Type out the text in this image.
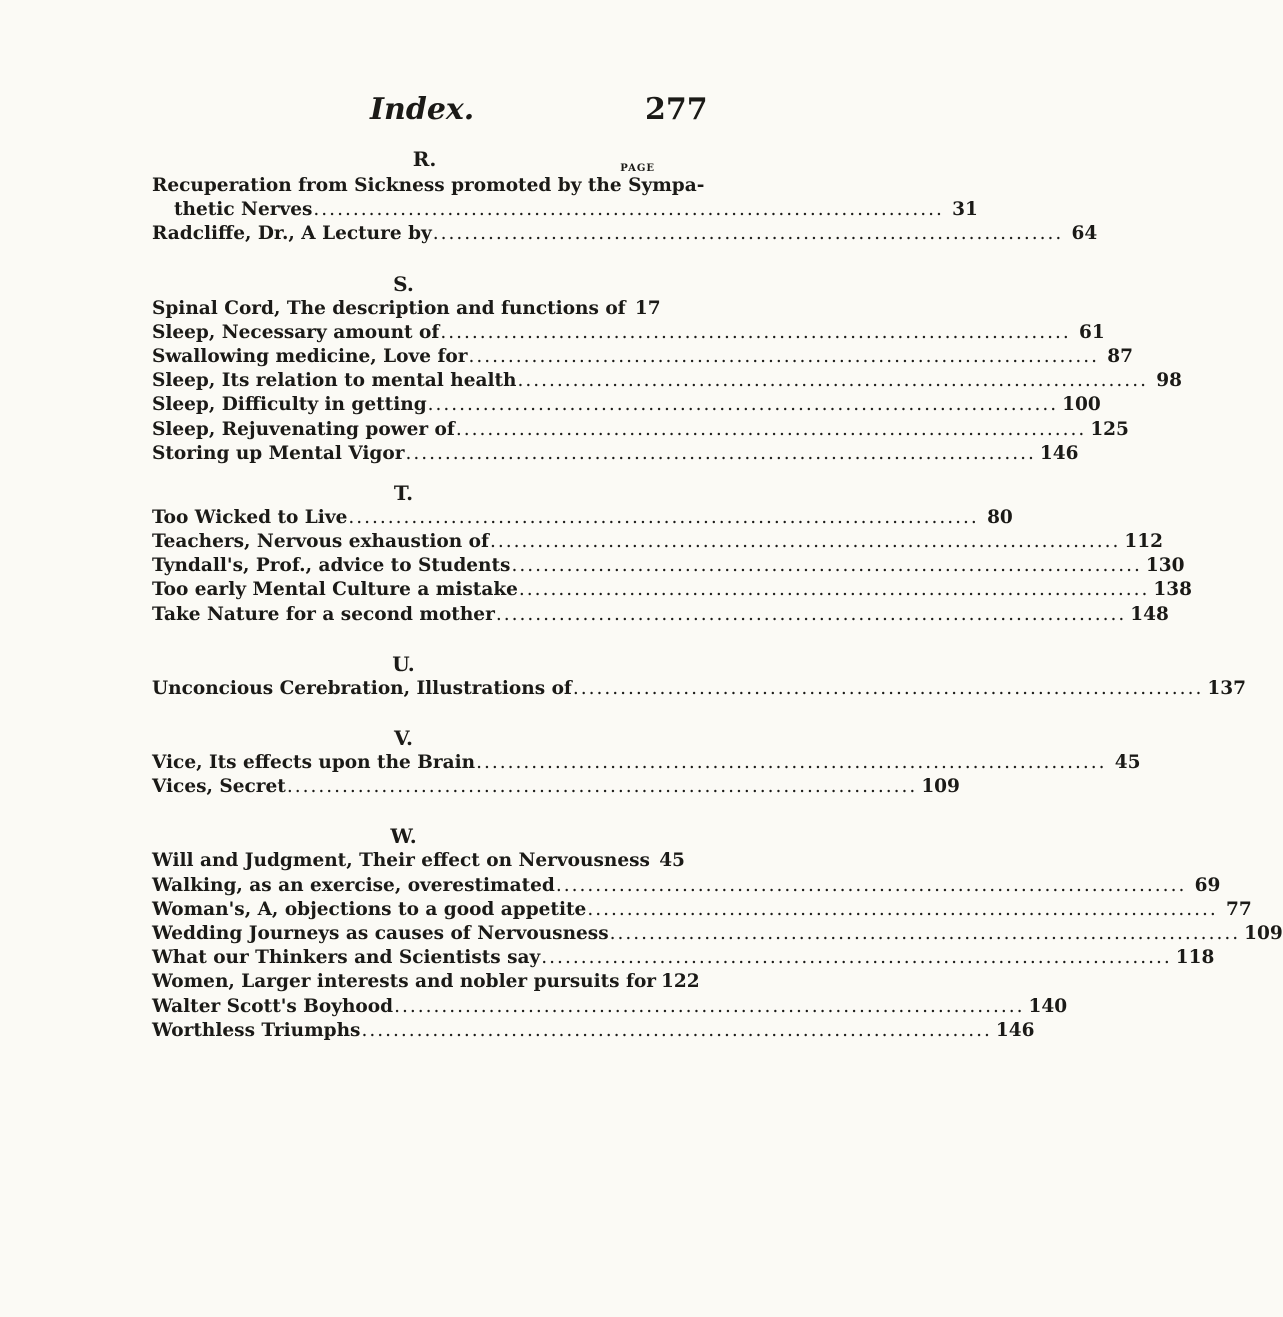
Index.	277
R.	PAGE
Recuperation from Sickness promoted by the Sympa-
thetic Nerves ................................................................................ 31
Radcliffe, Dr., A Lecture by ................................................................................ 64
S.
Spinal Cord, The description and functions of 17
Sleep, Necessary amount of ................................................................................ 61
Swallowing medicine, Love for ................................................................................ 87
Sleep, Its relation to mental health ................................................................................ 98
Sleep, Difficulty in getting ................................................................................ 100
Sleep, Rejuvenating power of ................................................................................ 125
Storing up Mental Vigor ................................................................................ 146
T.
Too Wicked to Live ................................................................................ 80
Teachers, Nervous exhaustion of ................................................................................ 112
Tyndall's, Prof., advice to Students ................................................................................ 130
Too early Mental Culture a mistake ................................................................................ 138
Take Nature for a second mother ................................................................................ 148
U.
Unconcious Cerebration, Illustrations of ................................................................................ 137
V.
Vice, Its effects upon the Brain ................................................................................ 45
Vices, Secret ................................................................................ 109
W.
Will and Judgment, Their effect on Nervousness 45
Walking, as an exercise, overestimated ................................................................................ 69
Woman's, A, objections to a good appetite ................................................................................ 77
Wedding Journeys as causes of Nervousness ................................................................................ 109
What our Thinkers and Scientists say ................................................................................ 118
Women, Larger interests and nobler pursuits for 122
Walter Scott's Boyhood ................................................................................ 140
Worthless Triumphs ................................................................................ 146
